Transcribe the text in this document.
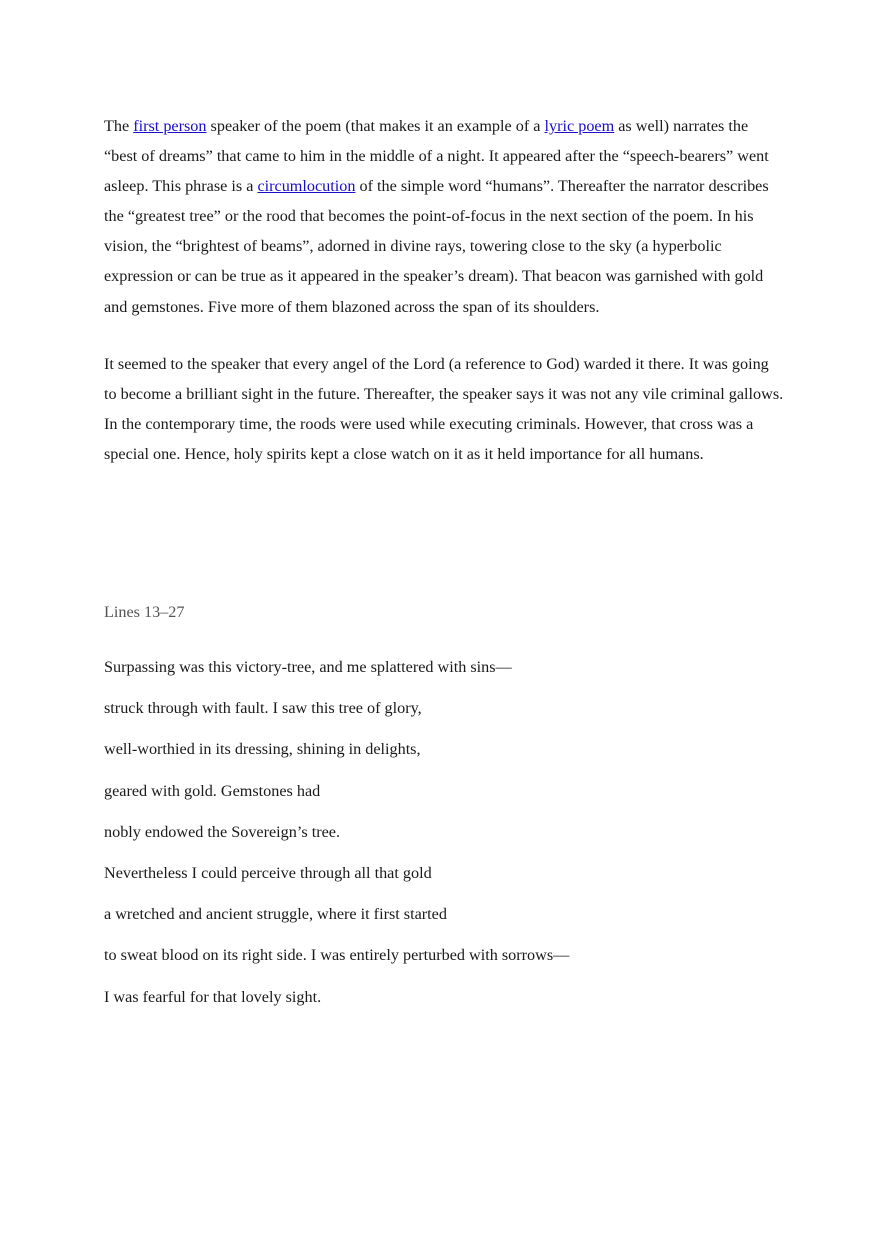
The first person speaker of the poem (that makes it an example of a lyric poem as well) narrates the “best of dreams” that came to him in the middle of a night. It appeared after the “speech-bearers” went asleep. This phrase is a circumlocution of the simple word “humans”. Thereafter the narrator describes the “greatest tree” or the rood that becomes the point-of-focus in the next section of the poem. In his vision, the “brightest of beams”, adorned in divine rays, towering close to the sky (a hyperbolic expression or can be true as it appeared in the speaker’s dream). That beacon was garnished with gold and gemstones. Five more of them blazoned across the span of its shoulders.

It seemed to the speaker that every angel of the Lord (a reference to God) warded it there. It was going to become a brilliant sight in the future. Thereafter, the speaker says it was not any vile criminal gallows. In the contemporary time, the roods were used while executing criminals. However, that cross was a special one. Hence, holy spirits kept a close watch on it as it held importance for all humans.

Lines 13–27

Surpassing was this victory-tree, and me splattered with sins—
struck through with fault. I saw this tree of glory,
well-worthied in its dressing, shining in delights,
geared with gold. Gemstones had
nobly endowed the Sovereign’s tree.
Nevertheless I could perceive through all that gold
a wretched and ancient struggle, where it first started
to sweat blood on its right side. I was entirely perturbed with sorrows—
I was fearful for that lovely sight.
